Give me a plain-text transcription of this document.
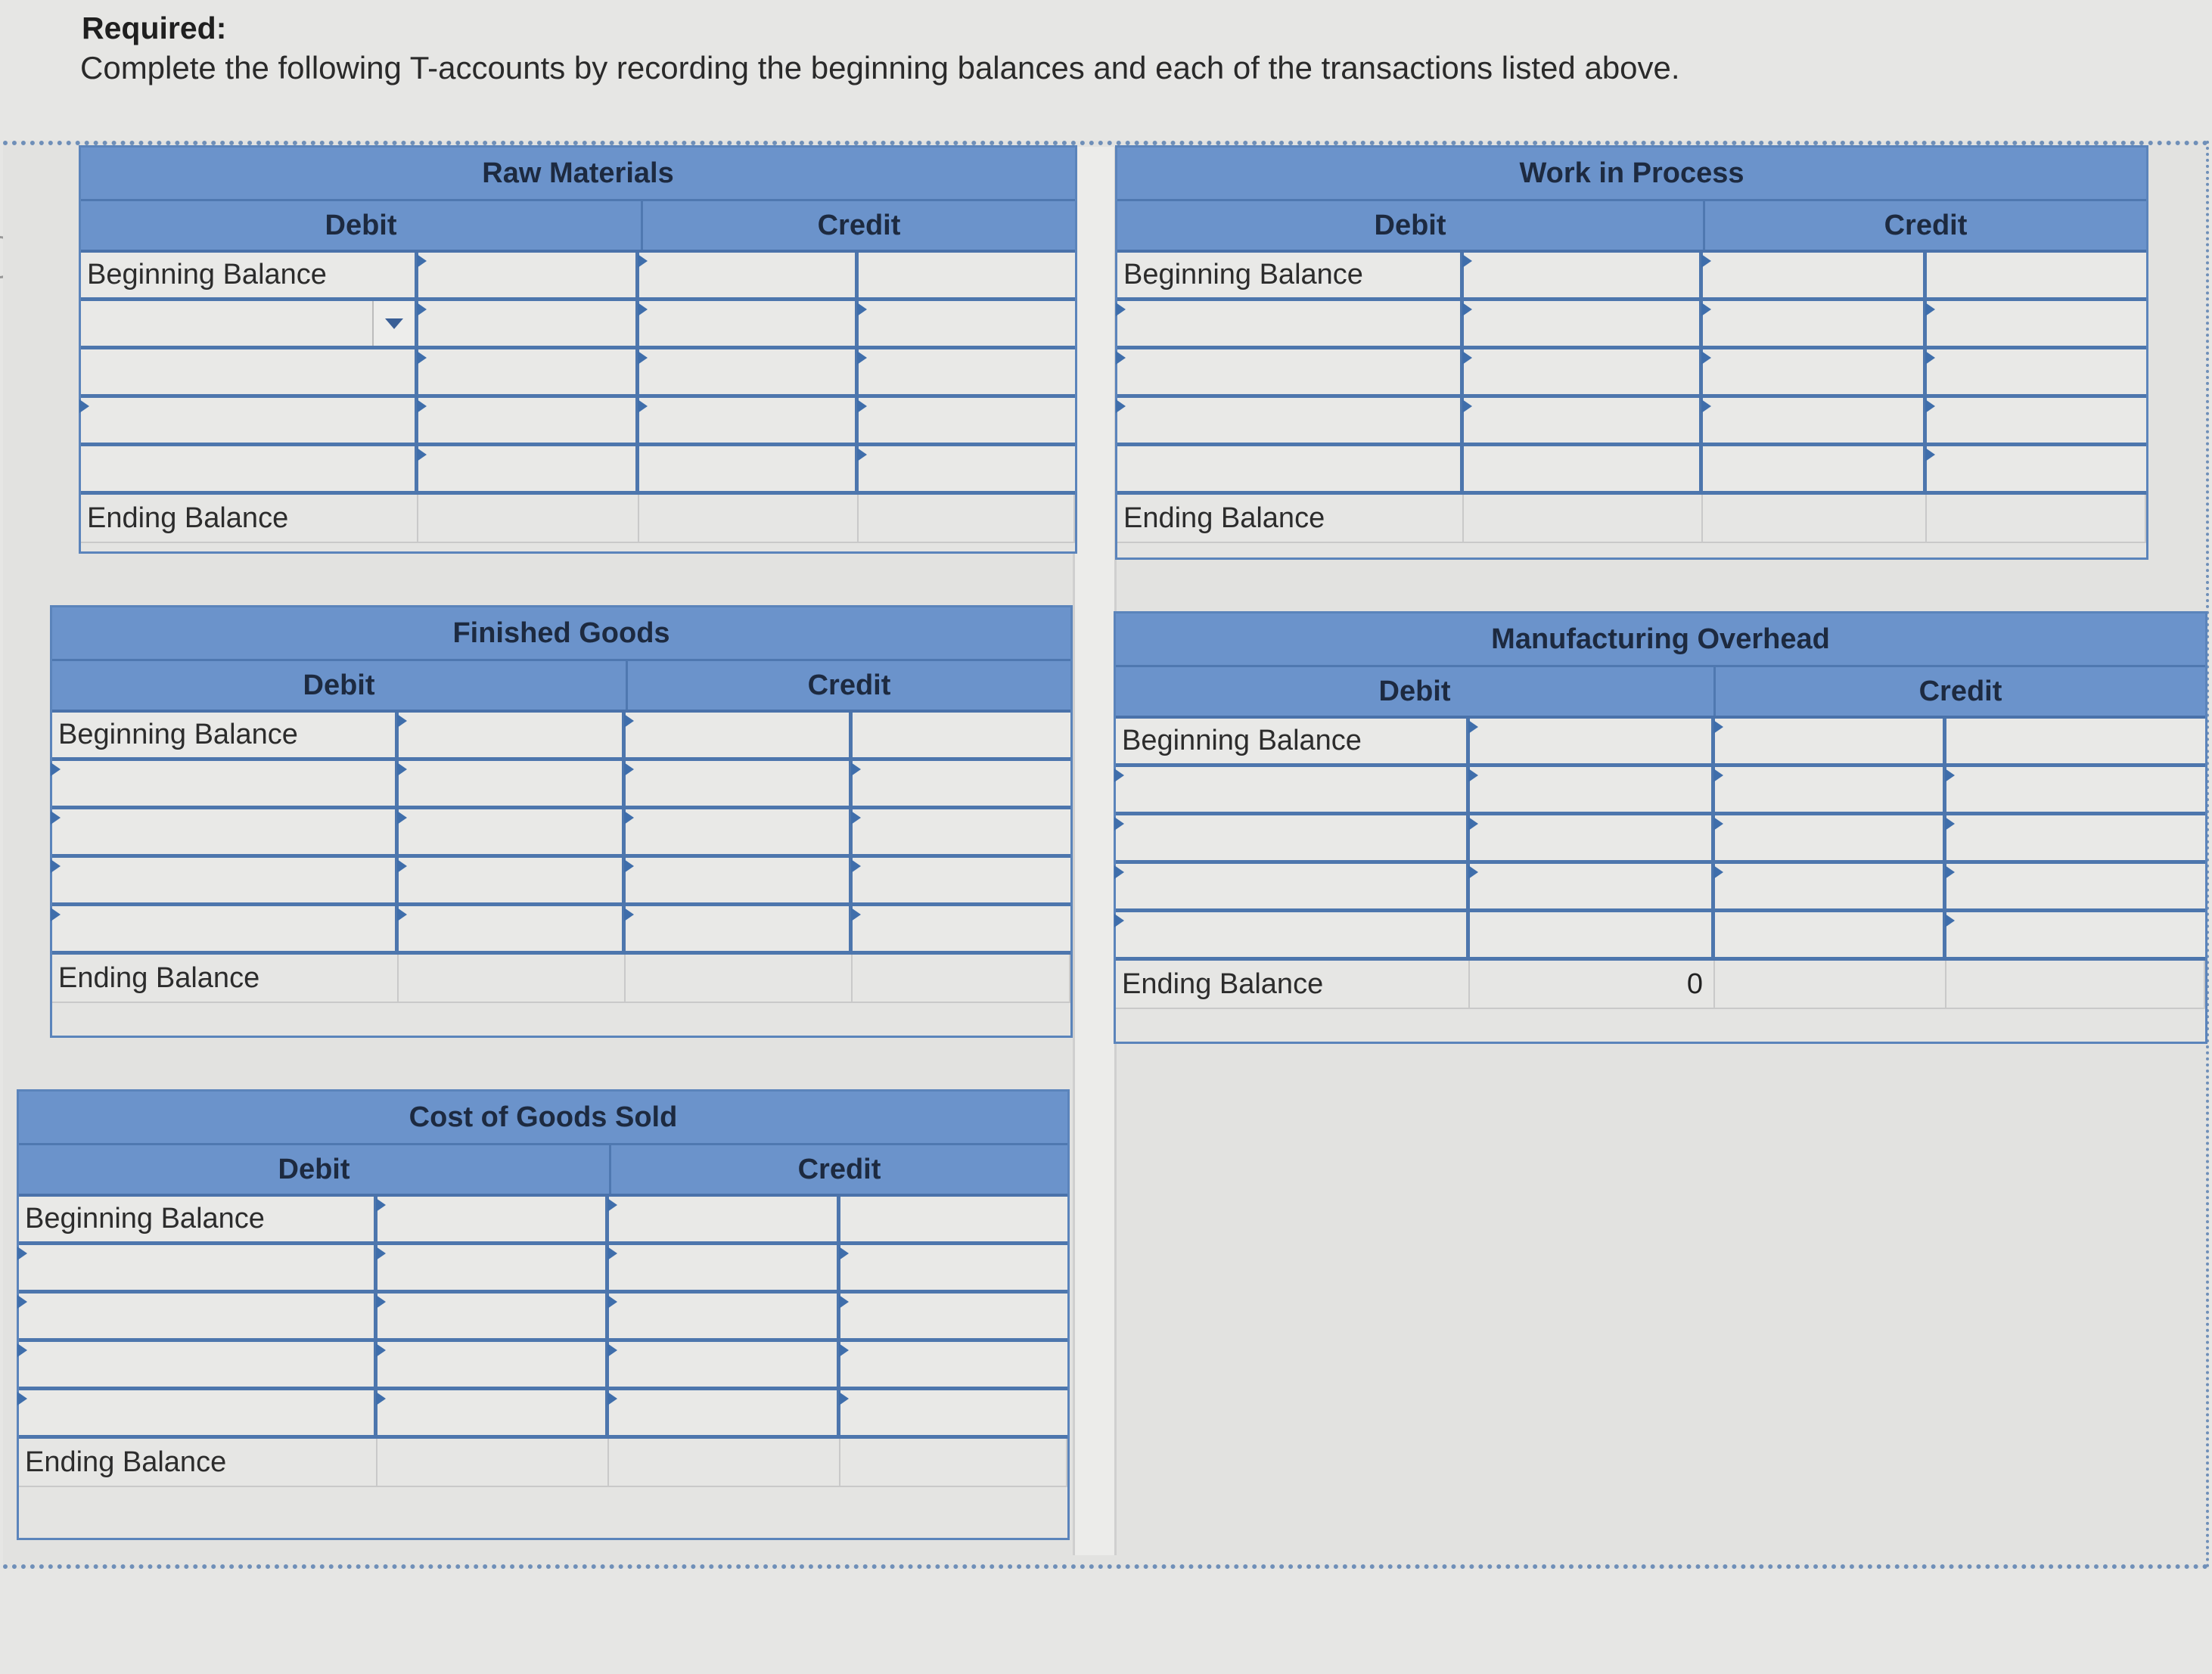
Required:
Complete the following T-accounts by recording the beginning balances and each of the transactions listed above.
Raw Materials
Debit	Credit
Beginning Balance
Ending Balance
Work in Process
Debit	Credit
Beginning Balance
Ending Balance
Finished Goods
Debit	Credit
Beginning Balance
Ending Balance
Manufacturing Overhead
Debit	Credit
Beginning Balance
Ending Balance	0
Cost of Goods Sold
Debit	Credit
Beginning Balance
Ending Balance
